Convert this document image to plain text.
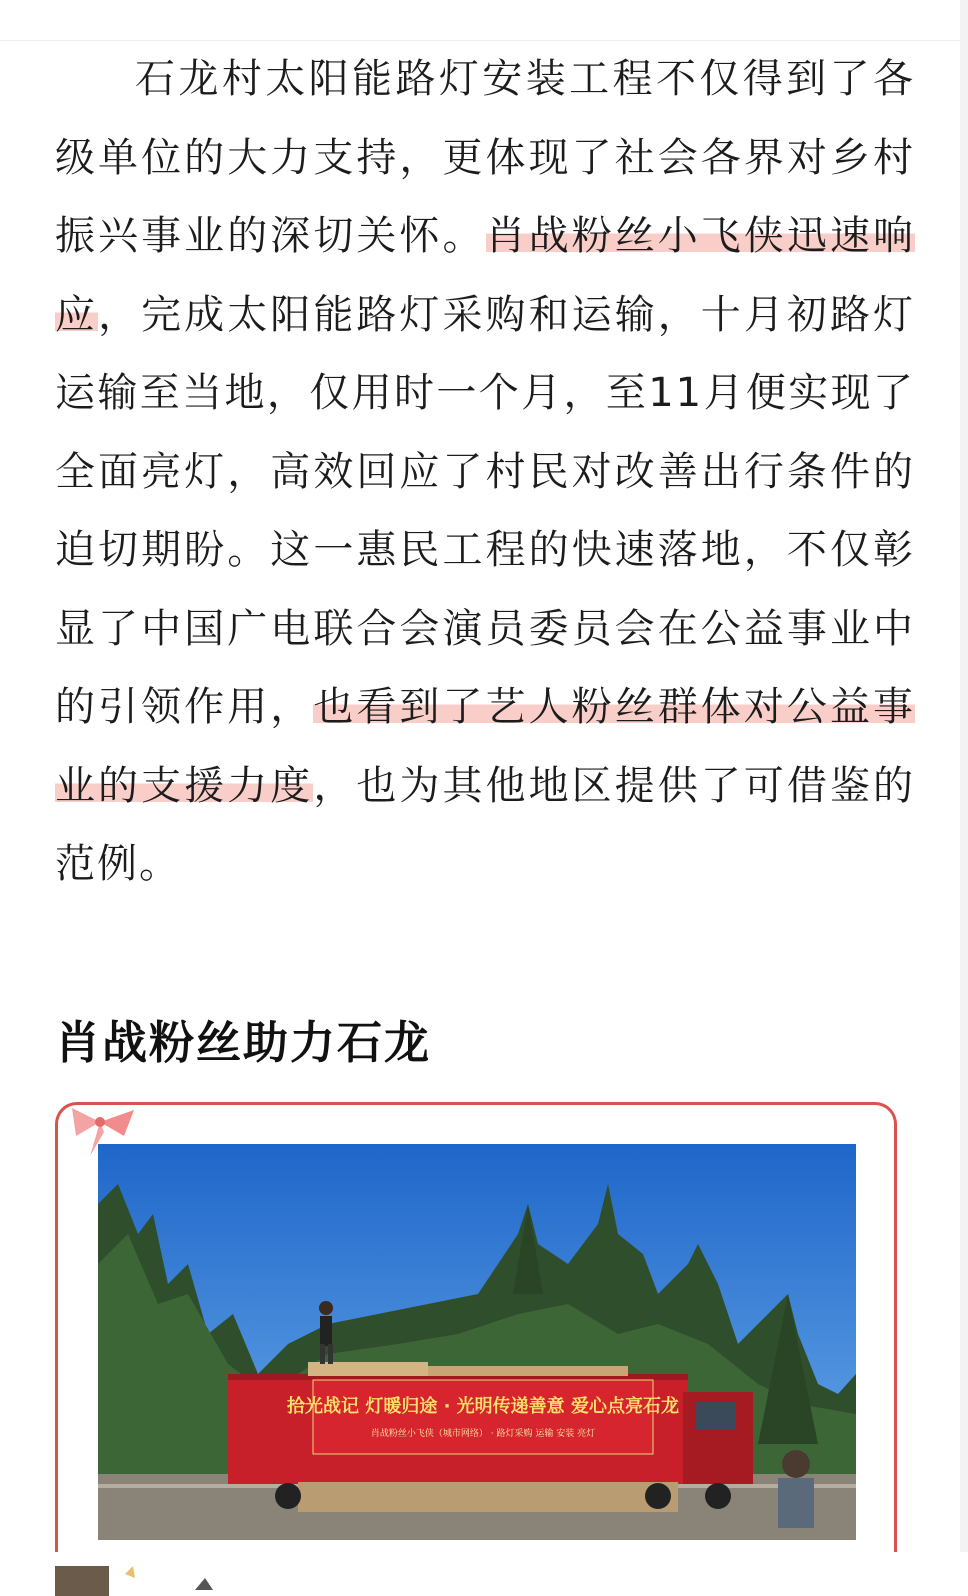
石龙村太阳能路灯安装工程不仅得到了各级单位的大力支持，更体现了社会各界对乡村振兴事业的深切关怀。肖战粉丝小飞侠迅速响应，完成太阳能路灯采购和运输，十月初路灯运输至当地，仅用时一个月，至11月便实现了全面亮灯，高效回应了村民对改善出行条件的迫切期盼。这一惠民工程的快速落地，不仅彰显了中国广电联合会演员委员会在公益事业中的引领作用，也看到了艺人粉丝群体对公益事业的支援力度，也为其他地区提供了可借鉴的范例。

肖战粉丝助力石龙
拾光战记 灯暖归途 · 光明传递善意 爱心点亮石龙
肖战粉丝小飞侠（城市网络） · 路灯采购 运输 安装 亮灯
